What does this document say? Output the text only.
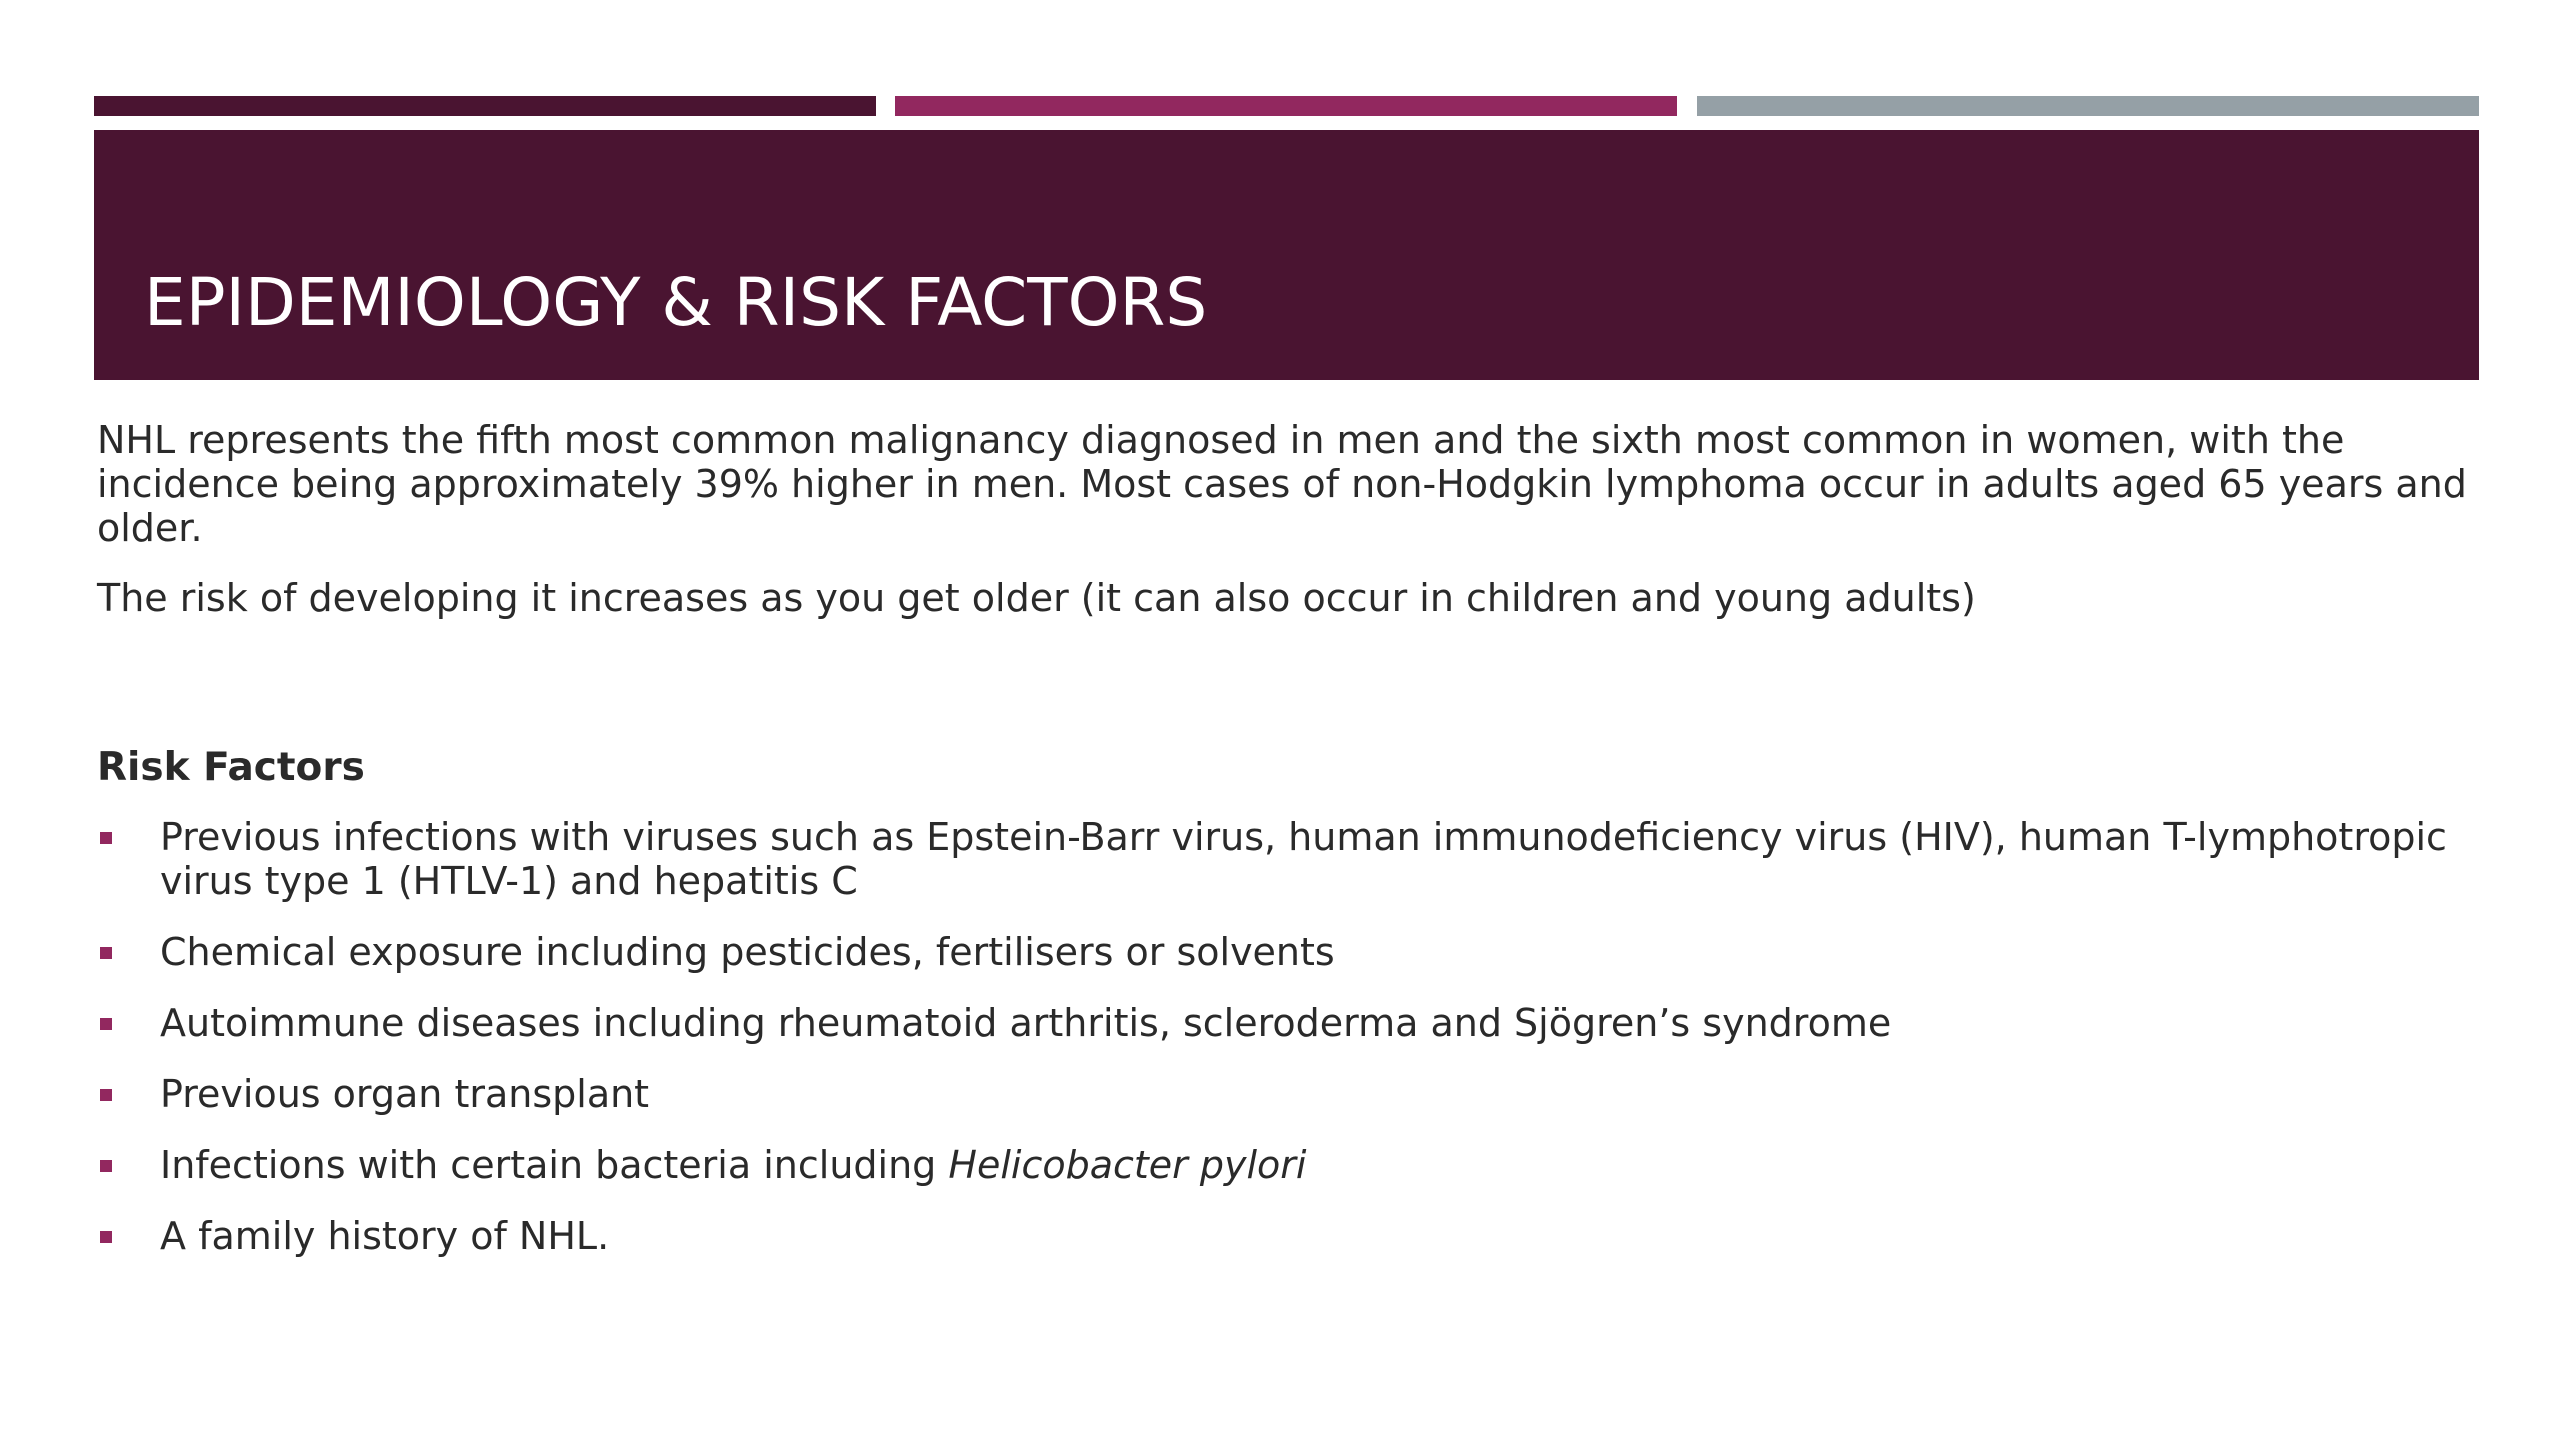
EPIDEMIOLOGY & RISK FACTORS

NHL represents the fifth most common malignancy diagnosed in men and the sixth most common in women, with the incidence being approximately 39% higher in men. Most cases of non-Hodgkin lymphoma occur in adults aged 65 years and older.

The risk of developing it increases as you get older (it can also occur in children and young adults)

Risk Factors
Previous infections with viruses such as Epstein-Barr virus, human immunodeficiency virus (HIV), human T-lymphotropic virus type 1 (HTLV-1) and hepatitis C
Chemical exposure including pesticides, fertilisers or solvents
Autoimmune diseases including rheumatoid arthritis, scleroderma and Sjögren’s syndrome
Previous organ transplant
Infections with certain bacteria including Helicobacter pylori
A family history of NHL.
